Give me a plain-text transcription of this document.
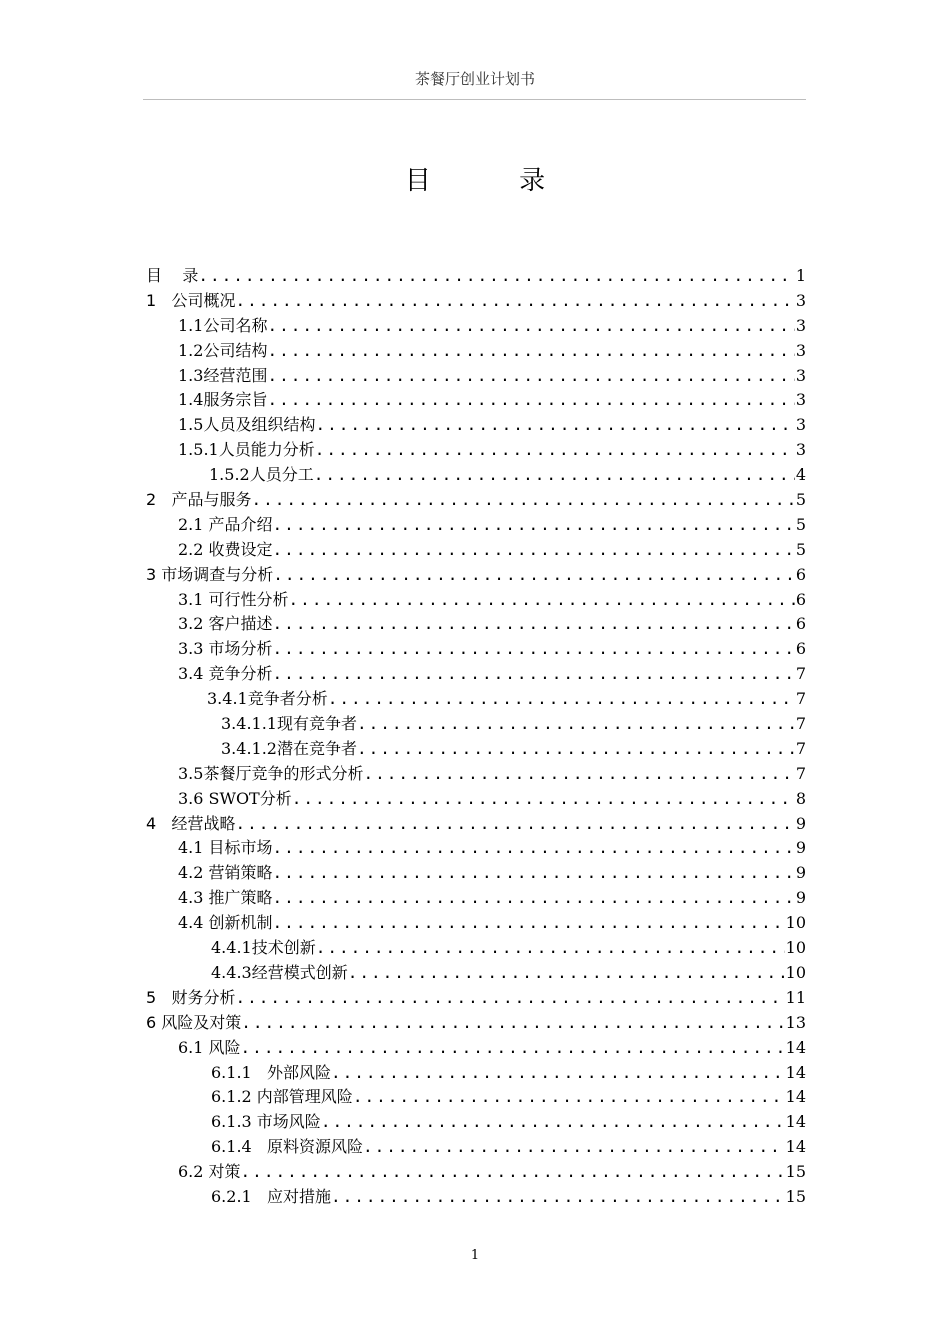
茶餐厅创业计划书
目 录
目    录 .....	1
1   公司概况 .....	3
1.1公司名称 .....	3
1.2公司结构 .....	3
1.3经营范围 .....	3
1.4服务宗旨 .....	3
1.5人员及组织结构 .....	3
1.5.1人员能力分析 .....	3
1.5.2人员分工 .....	4
2   产品与服务 .....	5
2.1 产品介绍 .....	5
2.2 收费设定 .....	5
3 市场调查与分析 .....	6
3.1 可行性分析 .....	6
3.2 客户描述 .....	6
3.3 市场分析 .....	6
3.4 竞争分析 .....	7
3.4.1竞争者分析 .....	7
3.4.1.1现有竞争者 .....	7
3.4.1.2潜在竞争者 .....	7
3.5茶餐厅竞争的形式分析 .....	7
3.6 SWOT分析 .....	8
4   经营战略 .....	9
4.1 目标市场 .....	9
4.2 营销策略 .....	9
4.3 推广策略 .....	9
4.4 创新机制 .....	10
4.4.1技术创新 .....	10
4.4.3经营模式创新 .....	10
5   财务分析 .....	11
6 风险及对策 .....	13
6.1 风险 .....	14
6.1.1   外部风险 .....	14
6.1.2 内部管理风险 .....	14
6.1.3 市场风险 .....	14
6.1.4   原料资源风险 .....	14
6.2 对策 .....	15
6.2.1   应对措施 .....	15
1
